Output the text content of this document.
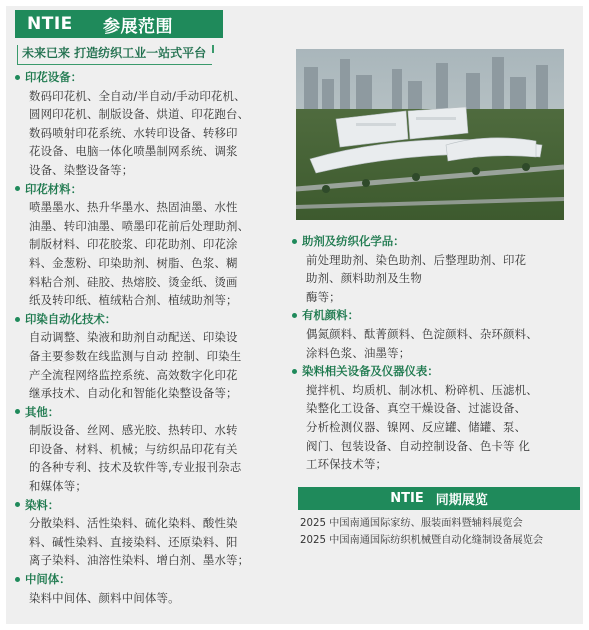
NTIE	参展范围
未来已来 打造纺织工业一站式平台
印花设备：
数码印花机、全自动/半自动/手动印花机、
圆网印花机、制版设备、烘道、印花跑台、
数码喷射印花系统、水转印设备、转移印
花设备、电脑一体化喷墨制网系统、调浆
设备、染整设备等；
印花材料：
喷墨墨水、热升华墨水、热固油墨、水性
油墨、转印油墨、喷墨印花前后处理助剂、
制版材料、印花胶浆、印花助剂、印花涂
料、金葱粉、印染助剂、树脂、色浆、糊
料粘合剂、硅胶、热熔胶、烫金纸、烫画
纸及转印纸、植绒粘合剂、植绒助剂等；
印染自动化技术：
自动调整、染液和助剂自动配送、印染设
备主要参数在线监测与自动 控制、印染生
产全流程网络监控系统、高效数字化印花
继承技术、自动化和智能化染整设备等；
其他：
制版设备、丝网、感光胶、热转印、水转
印设备、材料、机械；与纺织品印花有关
的各种专利、技术及软件等,专业报刊杂志
和媒体等；
染料：
分散染料、活性染料、硫化染料、酸性染
料、碱性染料、直接染料、还原染料、阳
离子染料、油溶性染料、增白剂、墨水等；
中间体：
染料中间体、颜料中间体等。
助剂及纺织化学品：
前处理助剂、染色助剂、后整理助剂、印花
助剂、颜料助剂及生物
酶等；
有机颜料：
偶氮颜料、酞菁颜料、色淀颜料、杂环颜料、
涂料色浆、油墨等；
染料相关设备及仪器仪表：
搅拌机、均质机、制冰机、粉碎机、压滤机、
染整化工设备、真空干燥设备、过滤设备、
分析检测仪器、镍网、反应罐、储罐、泵、
阀门、包装设备、自动控制设备、色卡等 化
工环保技术等；
NTIE 同期展览
2025 中国南通国际家纺、服装面料暨辅料展览会
2025 中国南通国际纺织机械暨自动化缝制设备展览会
